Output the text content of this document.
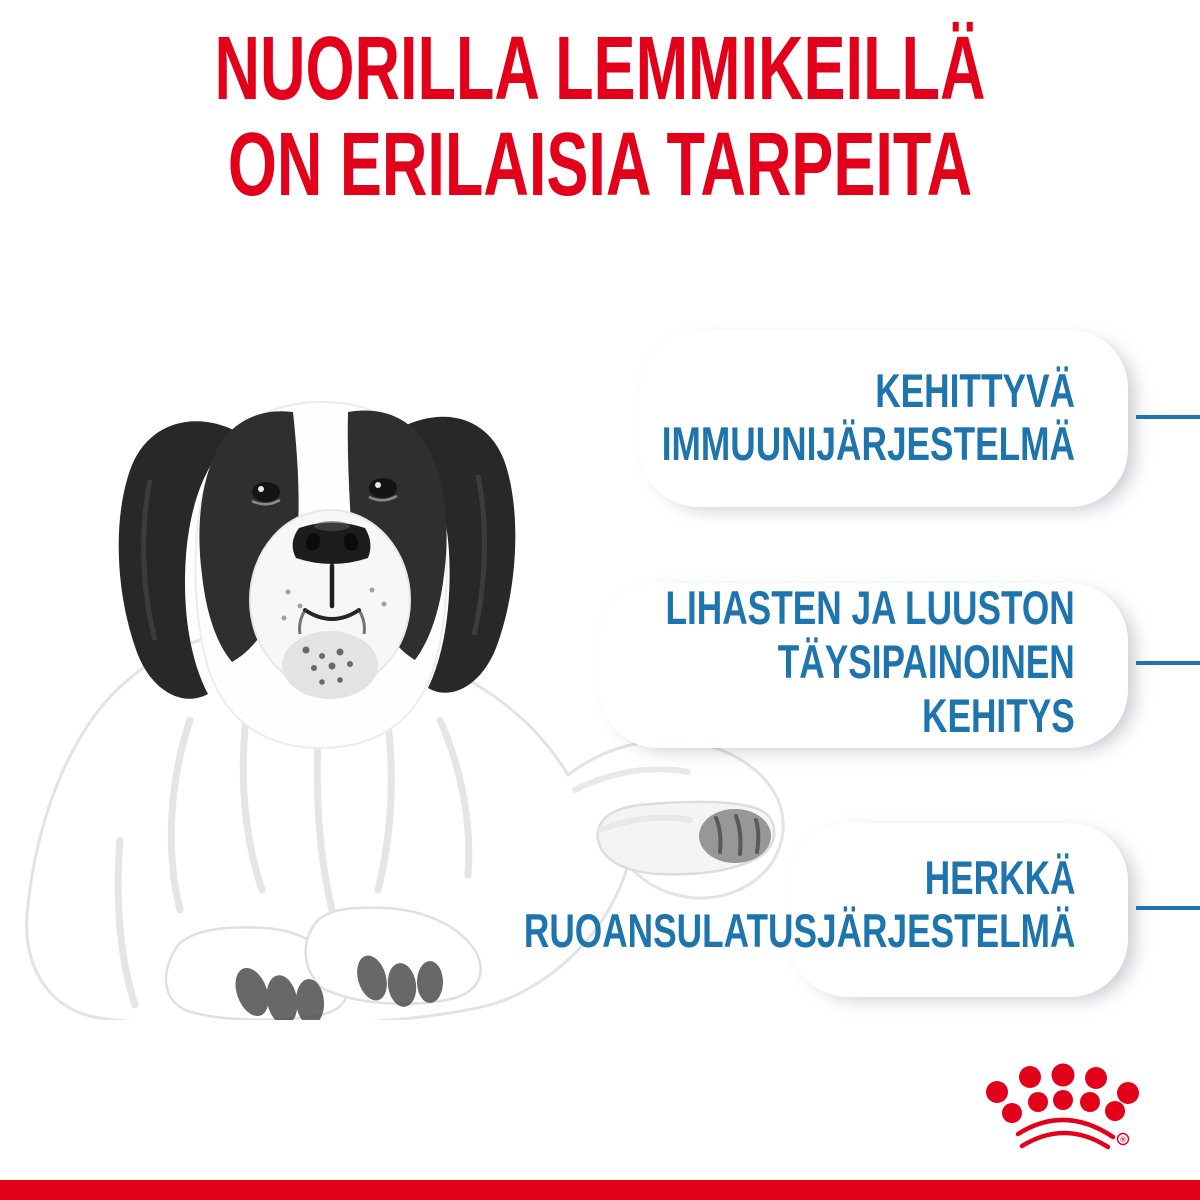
NUORILLA LEMMIKEILLÄ
ON ERILAISIA TARPEITA
KEHITTYVÄ
IMMUUNIJÄRJESTELMÄ
LIHASTEN JA LUUSTON
TÄYSIPAINOINEN
KEHITYS
HERKKÄ
RUOANSULATUSJÄRJESTELMÄ
®
